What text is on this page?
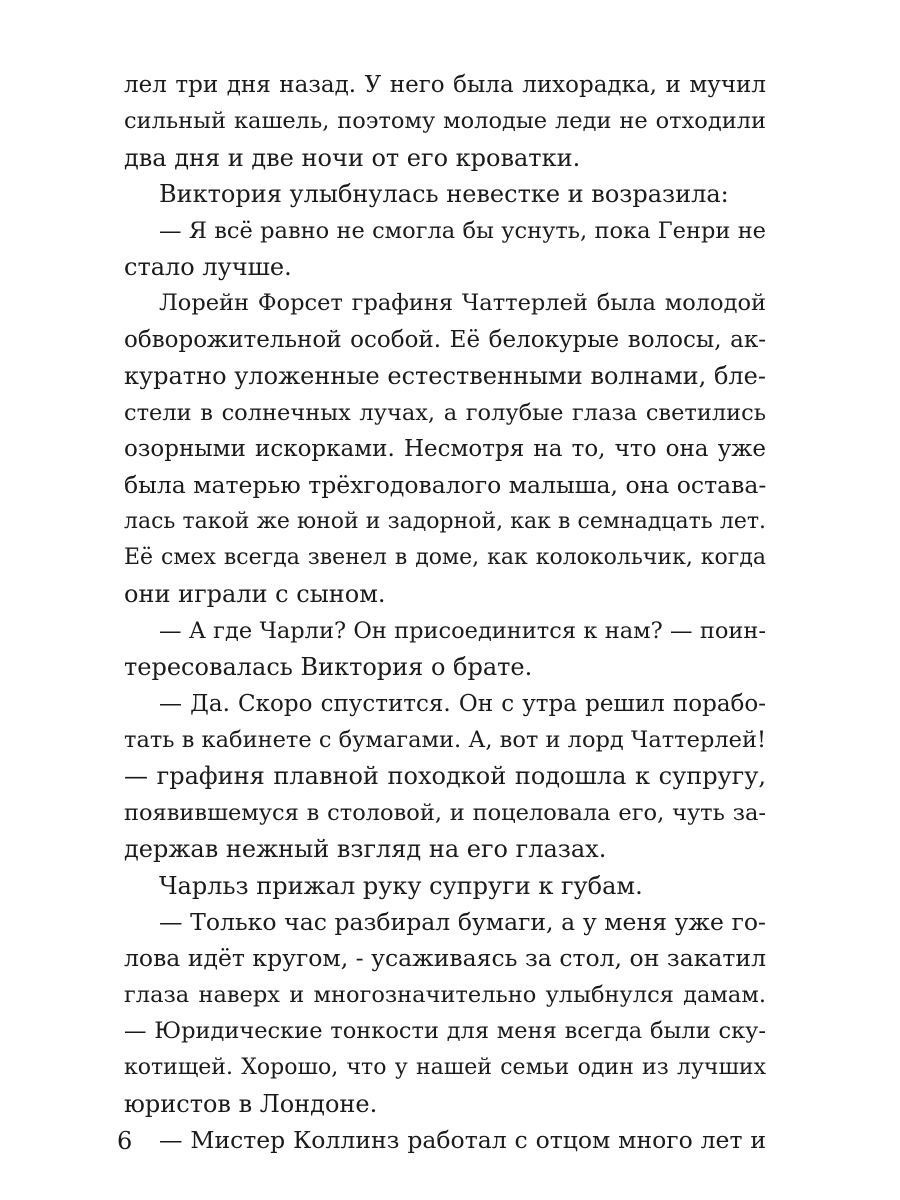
лел три дня назад. У него была лихорадка, и мучил
сильный кашель, поэтому молодые леди не отходили
два дня и две ночи от его кроватки.
Виктория улыбнулась невестке и возразила:
— Я всё равно не смогла бы уснуть, пока Генри не
стало лучше.
Лорейн Форсет графиня Чаттерлей была молодой
обворожительной особой. Её белокурые волосы, ак-
куратно уложенные естественными волнами, бле-
стели в солнечных лучах, а голубые глаза светились
озорными искорками. Несмотря на то, что она уже
была матерью трёхгодовалого малыша, она остава-
лась такой же юной и задорной, как в семнадцать лет.
Её смех всегда звенел в доме, как колокольчик, когда
они играли с сыном.
— А где Чарли? Он присоединится к нам? — поин-
тересовалась Виктория о брате.
— Да. Скоро спустится. Он с утра решил порабо-
тать в кабинете с бумагами. А, вот и лорд Чаттерлей!
— графиня плавной походкой подошла к супругу,
появившемуся в столовой, и поцеловала его, чуть за-
держав нежный взгляд на его глазах.
Чарльз прижал руку супруги к губам.
— Только час разбирал бумаги, а у меня уже го-
лова идёт кругом, - усаживаясь за стол, он закатил
глаза наверх и многозначительно улыбнулся дамам.
— Юридические тонкости для меня всегда были ску-
котищей. Хорошо, что у нашей семьи один из лучших
юристов в Лондоне.
— Мистер Коллинз работал с отцом много лет и
6
